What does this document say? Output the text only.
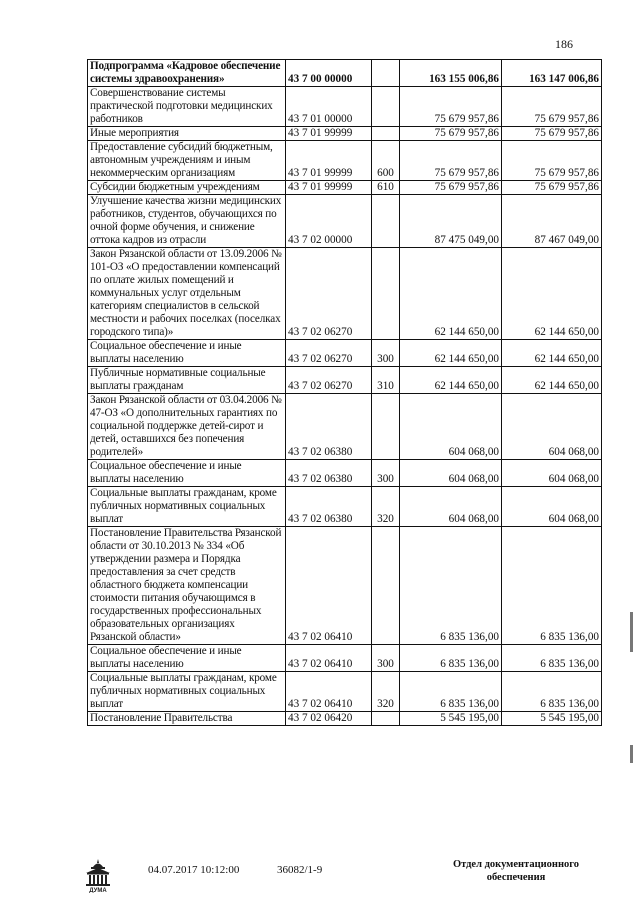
186
Подпрограмма «Кадровое обеспечение системы здравоохранения»	43 7 00 00000		163 155 006,86	163 147 006,86
Совершенствование системы практической подготовки медицинских работников	43 7 01 00000		75 679 957,86	75 679 957,86
Иные мероприятия	43 7 01 99999		75 679 957,86	75 679 957,86
Предоставление субсидий бюджетным, автономным учреждениям и иным некоммерческим организациям	43 7 01 99999	600	75 679 957,86	75 679 957,86
Субсидии бюджетным учреждениям	43 7 01 99999	610	75 679 957,86	75 679 957,86
Улучшение качества жизни медицинских работников, студентов, обучающихся по очной форме обучения, и снижение оттока кадров из отрасли	43 7 02 00000		87 475 049,00	87 467 049,00
Закон Рязанской области от 13.09.2006 № 101-ОЗ «О предоставлении компенсаций по оплате жилых помещений и коммунальных услуг отдельным категориям специалистов в сельской местности и рабочих поселках (поселках городского типа)»	43 7 02 06270		62 144 650,00	62 144 650,00
Социальное обеспечение и иные выплаты населению	43 7 02 06270	300	62 144 650,00	62 144 650,00
Публичные нормативные социальные выплаты гражданам	43 7 02 06270	310	62 144 650,00	62 144 650,00
Закон Рязанской области от 03.04.2006 № 47-ОЗ «О дополнительных гарантиях по социальной поддержке детей-сирот и детей, оставшихся без попечения родителей»	43 7 02 06380		604 068,00	604 068,00
Социальное обеспечение и иные выплаты населению	43 7 02 06380	300	604 068,00	604 068,00
Социальные выплаты гражданам, кроме публичных нормативных социальных выплат	43 7 02 06380	320	604 068,00	604 068,00
Постановление Правительства Рязанской области от 30.10.2013 № 334 «Об утверждении размера и Порядка предоставления за счет средств областного бюджета компенсации стоимости питания обучающимся в государственных профессиональных образовательных организациях Рязанской области»	43 7 02 06410		6 835 136,00	6 835 136,00
Социальное обеспечение и иные выплаты населению	43 7 02 06410	300	6 835 136,00	6 835 136,00
Социальные выплаты гражданам, кроме публичных нормативных социальных выплат	43 7 02 06410	320	6 835 136,00	6 835 136,00
Постановление Правительства	43 7 02 06420		5 545 195,00	5 545 195,00
ДУМА
04.07.2017 10:12:00	36082/1-9	Отдел документационного
обеспечения
